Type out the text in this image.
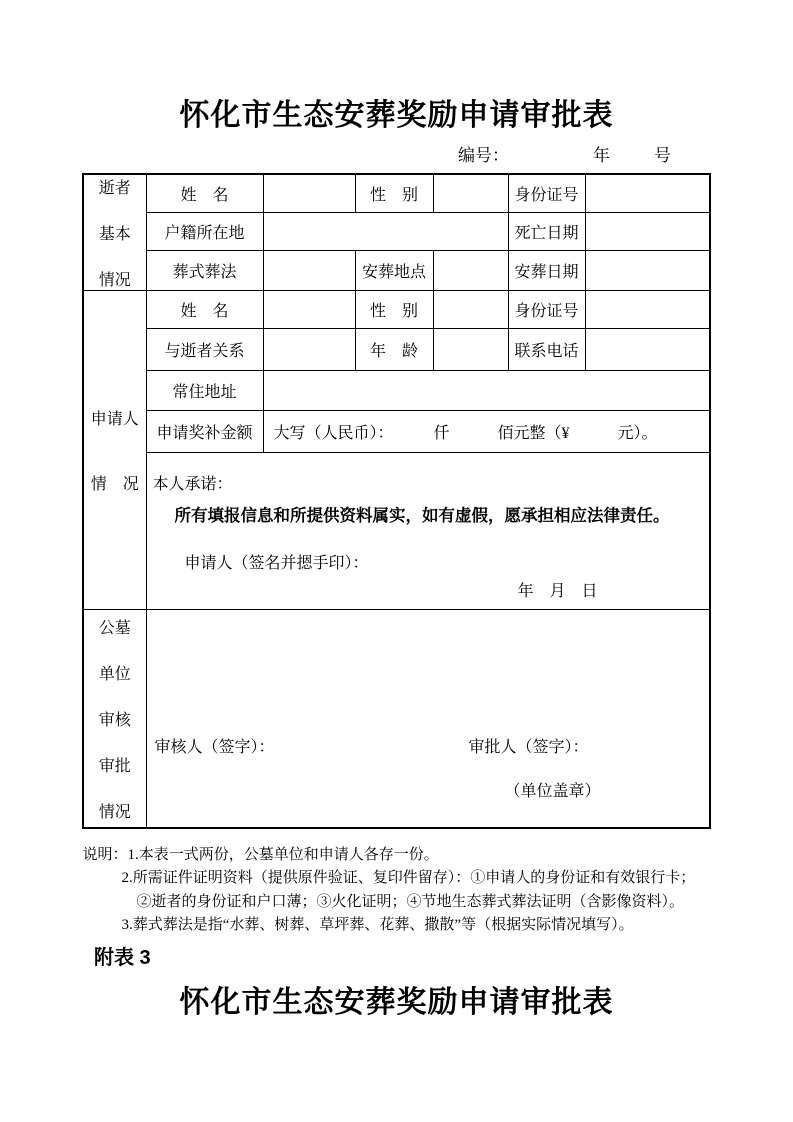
怀化市生态安葬奖励申请审批表
编号：	年	号
逝者
基本
情况	姓　名		性　别		身份证号	
	户籍所在地				死亡日期	
	葬式葬法		安葬地点		安葬日期	

申请人
情　况	姓　名		性　别		身份证号	
	与逝者关系		年　龄		联系电话	
	常住地址					
	申请奖补金额	大写（人民币）：　　　仟　　　佰元整（¥　　　元）。				

	本人承诺：
所有填报信息和所提供资料属实，如有虚假，愿承担相应法律责任。
申请人（签名并摁手印）：
年　月　日					

公墓
单位
审核
审批
情况

审核人（签字）：	审批人（签字）：
（单位盖章）
说明：1.本表一式两份，公墓单位和申请人各存一份。
2.所需证件证明资料（提供原件验证、复印件留存）：①申请人的身份证和有效银行卡；
②逝者的身份证和户口薄；③火化证明；④节地生态葬式葬法证明（含影像资料）。
3.葬式葬法是指“水葬、树葬、草坪葬、花葬、撒散”等（根据实际情况填写）。
附表 3
怀化市生态安葬奖励申请审批表
